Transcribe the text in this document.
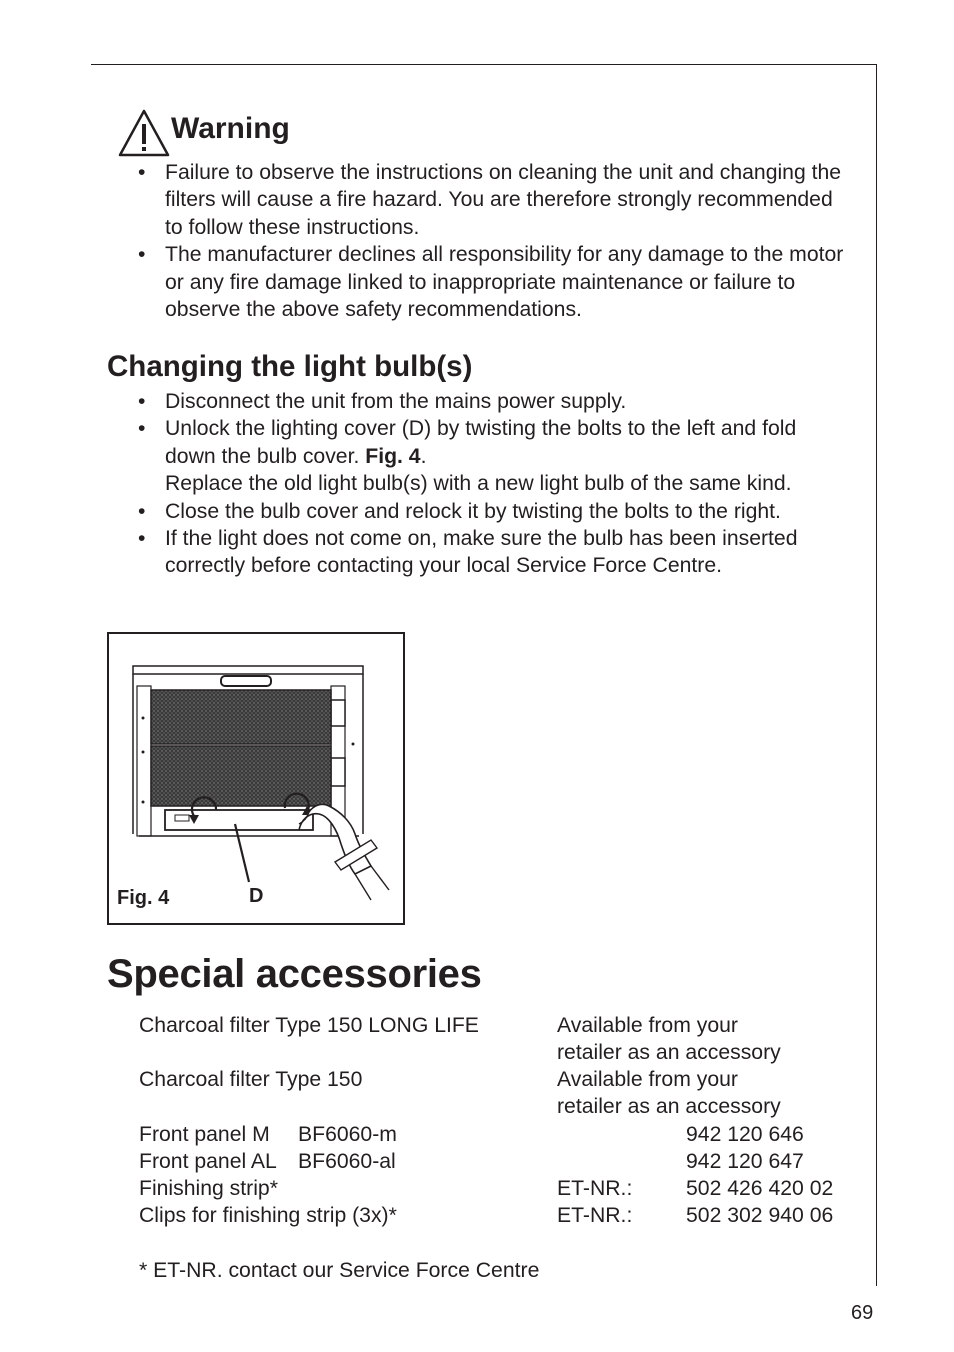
Warning
• Failure to observe the instructions on cleaning the unit and changing the filters will cause a fire hazard. You are therefore strongly recommended to follow these instructions.
• The manufacturer declines all responsibility for any damage to the motor or any fire damage linked to inappropriate maintenance or failure to observe the above safety recommendations.
Changing the light bulb(s)
• Disconnect the unit from the mains power supply.
• Unlock the lighting cover (D) by twisting the bolts to the left and fold down the bulb cover. Fig. 4.
Replace the old light bulb(s) with a new light bulb of the same kind.
• Close the bulb cover and relock it by twisting the bolts to the right.
• If the light does not come on, make sure the bulb has been inserted correctly before contacting your local Service Force Centre.
Fig. 4	D
Special accessories
Charcoal filter Type 150 LONG LIFE	Available from your
retailer as an accessory
Charcoal filter Type 150	Available from your
retailer as an accessory
Front panel M BF6060-m	942 120 646
Front panel AL BF6060-al	942 120 647
Finishing strip*	ET-NR.:	502 426 420 02
Clips for finishing strip (3x)*	ET-NR.:	502 302 940 06
* ET-NR. contact our Service Force Centre
69
